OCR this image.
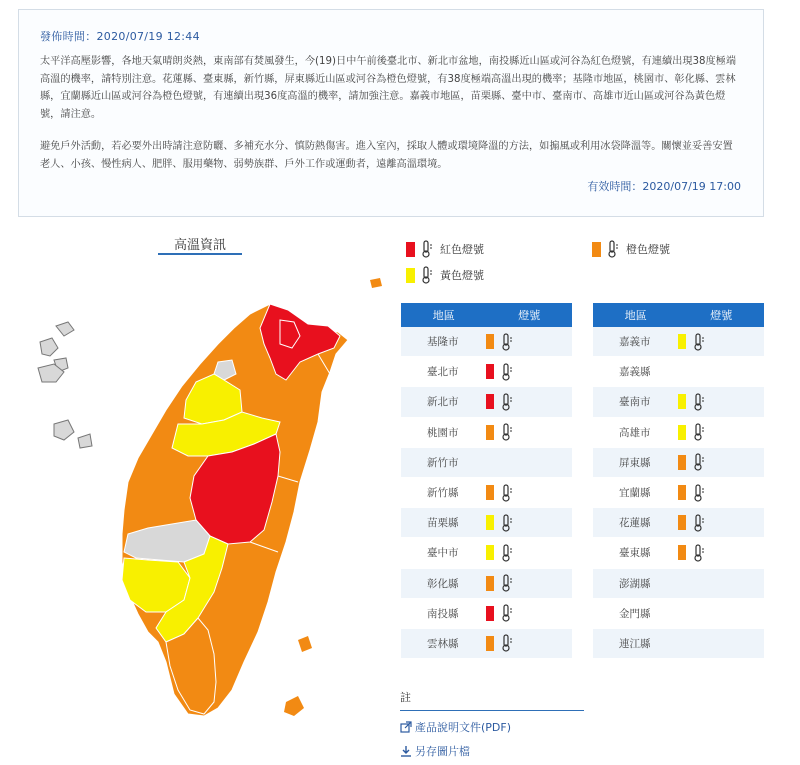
發佈時間：2020/07/19 12:44

太平洋高壓影響，各地天氣晴朗炎熱，東南部有焚風發生，今(19)日中午前後臺北市、新北市盆地，南投縣近山區或河谷為紅色燈號，有連續出現38度極端高溫的機率，請特別注意。花蓮縣、臺東縣，新竹縣，屏東縣近山區或河谷為橙色燈號，有38度極端高溫出現的機率；基隆市地區，桃園市、彰化縣、雲林縣，宜蘭縣近山區或河谷為橙色燈號，有連續出現36度高溫的機率，請加強注意。嘉義市地區，苗栗縣、臺中市、臺南市、高雄市近山區或河谷為黃色燈號，請注意。

避免戶外活動，若必要外出時請注意防曬、多補充水分、慎防熱傷害。進入室內，採取人體或環境降溫的方法，如搧風或利用冰袋降溫等。關懷並妥善安置老人、小孩、慢性病人、肥胖、服用藥物、弱勢族群、戶外工作或運動者，遠離高溫環境。

有效時間：2020/07/19 17:00
高溫資訊	紅色燈號	橙色燈號
黃色燈號
地區	燈號
基隆市
臺北市
新北市
桃園市
新竹市
新竹縣
苗栗縣
臺中市
彰化縣
南投縣
雲林縣
地區	燈號
嘉義市
嘉義縣
臺南市
高雄市
屏東縣
宜蘭縣
花蓮縣
臺東縣
澎湖縣
金門縣
連江縣
註
產品說明文件(PDF)
另存圖片檔
